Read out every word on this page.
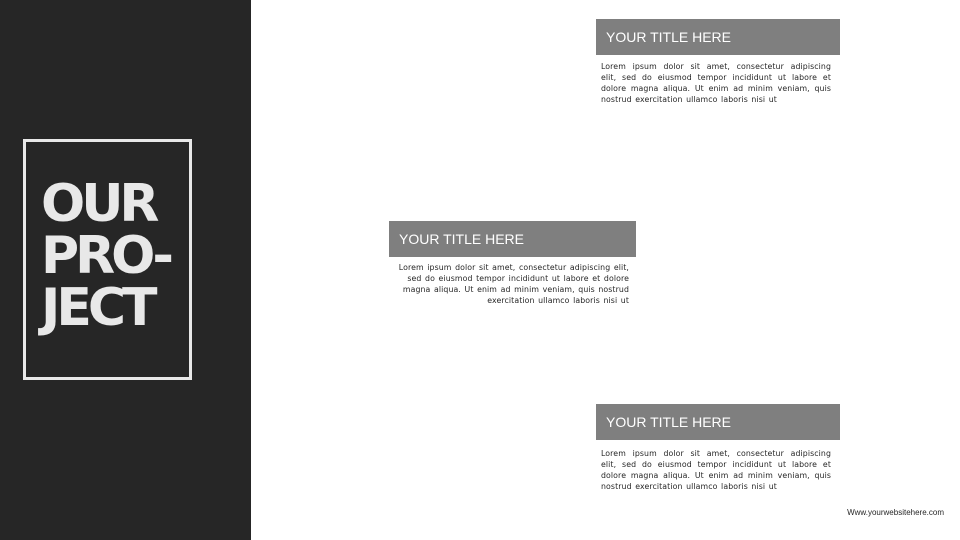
OUR
PRO-
JECT
YOUR TITLE HERE

Lorem ipsum dolor sit amet, consectetur adipiscing elit, sed do eiusmod tempor incididunt ut labore et dolore magna aliqua. Ut enim ad minim veniam, quis nostrud exercitation ullamco laboris nisi ut

YOUR TITLE HERE

Lorem ipsum dolor sit amet, consectetur adipiscing elit, sed do eiusmod tempor incididunt ut labore et dolore magna aliqua. Ut enim ad minim veniam, quis nostrud exercitation ullamco laboris nisi ut

YOUR TITLE HERE

Lorem ipsum dolor sit amet, consectetur adipiscing elit, sed do eiusmod tempor incididunt ut labore et dolore magna aliqua. Ut enim ad minim veniam, quis nostrud exercitation ullamco laboris nisi ut

Www.yourwebsitehere.com
